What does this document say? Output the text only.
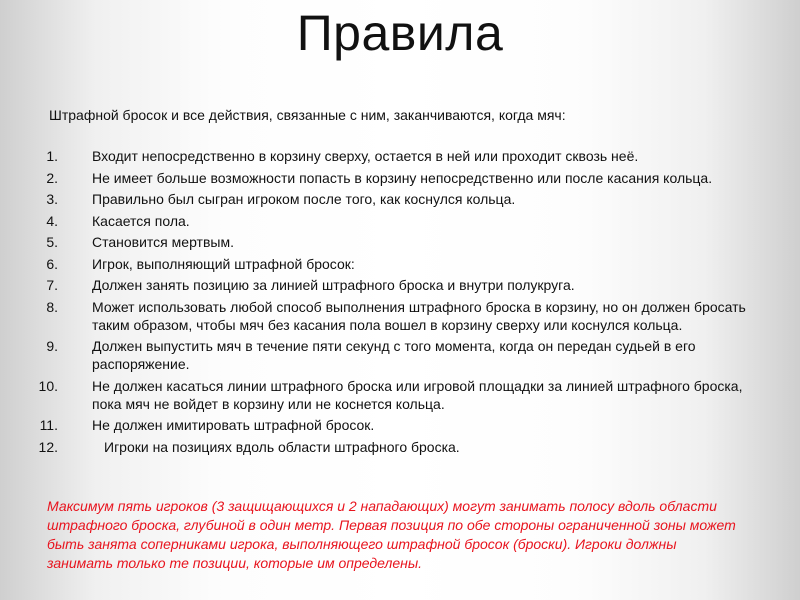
Правила

Штрафной бросок и все действия, связанные с ним, заканчиваются, когда мяч:

1. Входит непосредственно в корзину сверху, остается в ней или проходит сквозь неё.
2. Не имеет больше возможности попасть в корзину непосредственно или после касания кольца.
3. Правильно был сыгран игроком после того, как коснулся кольца.
4. Касается пола.
5. Становится мертвым.
6. Игрок, выполняющий штрафной бросок:
7. Должен занять позицию за линией штрафного броска и внутри полукруга.
8. Может использовать любой способ выполнения штрафного броска в корзину, но он должен бросать таким образом, чтобы мяч без касания пола вошел в корзину сверху или коснулся кольца.
9. Должен выпустить мяч в течение пяти секунд с того момента, когда он передан судьей в его распоряжение.
10. Не должен касаться линии штрафного броска или игровой площадки за линией штрафного броска, пока мяч не войдет в корзину или не коснется кольца.
11. Не должен имитировать штрафной бросок.
12.	Игроки на позициях вдоль области штрафного броска.

Максимум пять игроков (3 защищающихся и 2 нападающих) могут занимать полосу вдоль области штрафного броска, глубиной в один метр. Первая позиция по обе стороны ограниченной зоны может быть занята соперниками игрока, выполняющего штрафной бросок (броски). Игроки должны занимать только те позиции, которые им определены.
